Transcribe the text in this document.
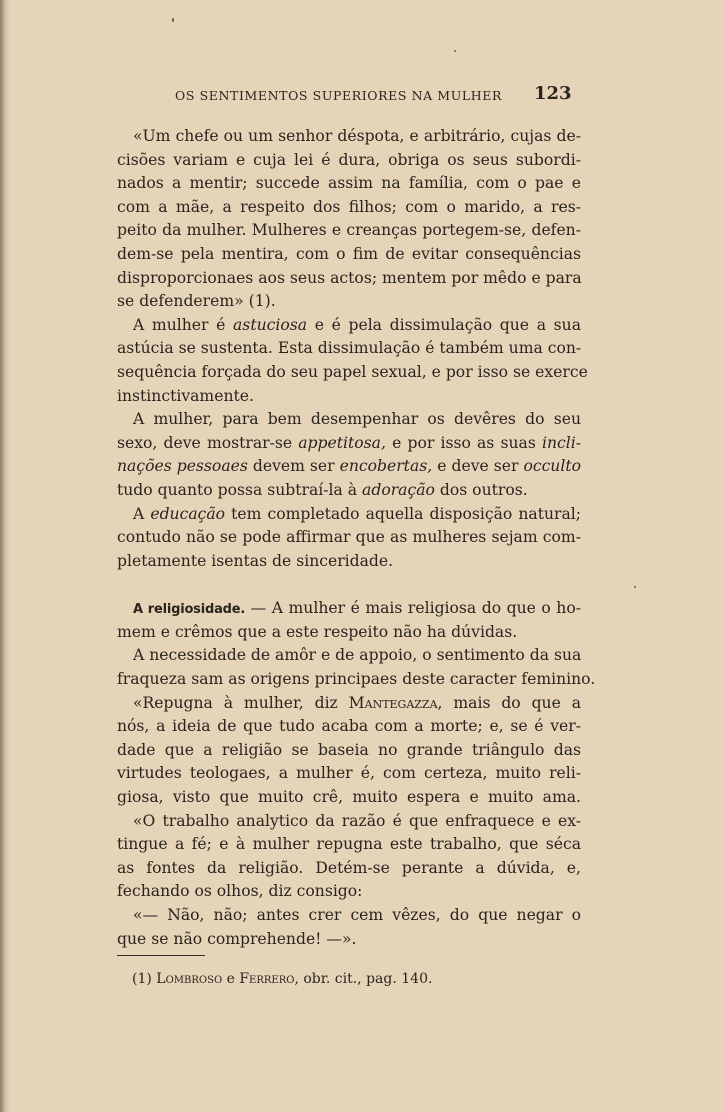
OS SENTIMENTOS SUPERIORES NA MULHER	123
«Um chefe ou um senhor déspota, e arbitrário, cujas de-
cisões variam e cuja lei é dura, obriga os seus subordi-
nados a mentir; succede assim na família, com o pae e
com a mãe, a respeito dos filhos; com o marido, a res-
peito da mulher. Mulheres e creanças portegem-se, defen-
dem-se pela mentira, com o fim de evitar consequências
disproporcionaes aos seus actos; mentem por mêdo e para
se defenderem» (1).
A mulher é astuciosa e é pela dissimulação que a sua
astúcia se sustenta. Esta dissimulação é também uma con-
sequência forçada do seu papel sexual, e por isso se exerce
instinctivamente.
A mulher, para bem desempenhar os devêres do seu
sexo, deve mostrar-se appetitosa, e por isso as suas incli-
nações pessoaes devem ser encobertas, e deve ser occulto
tudo quanto possa subtraí-la à adoração dos outros.
A educação tem completado aquella disposição natural;
contudo não se pode affirmar que as mulheres sejam com-
pletamente isentas de sinceridade.
A religiosidade. — A mulher é mais religiosa do que o ho-
mem e crêmos que a este respeito não ha dúvidas.
A necessidade de amôr e de appoio, o sentimento da sua
fraqueza sam as origens principaes deste caracter feminino.
«Repugna à mulher, diz Mantegazza, mais do que a
nós, a ideia de que tudo acaba com a morte; e, se é ver-
dade que a religião se baseia no grande triângulo das
virtudes teologaes, a mulher é, com certeza, muito reli-
giosa, visto que muito crê, muito espera e muito ama.
«O trabalho analytico da razão é que enfraquece e ex-
tingue a fé; e à mulher repugna este trabalho, que séca
as fontes da religião. Detém-se perante a dúvida, e,
fechando os olhos, diz consigo:
«— Não, não; antes crer cem vêzes, do que negar o
que se não comprehende! —».
(1) Lombroso e Ferrero, obr. cit., pag. 140.
